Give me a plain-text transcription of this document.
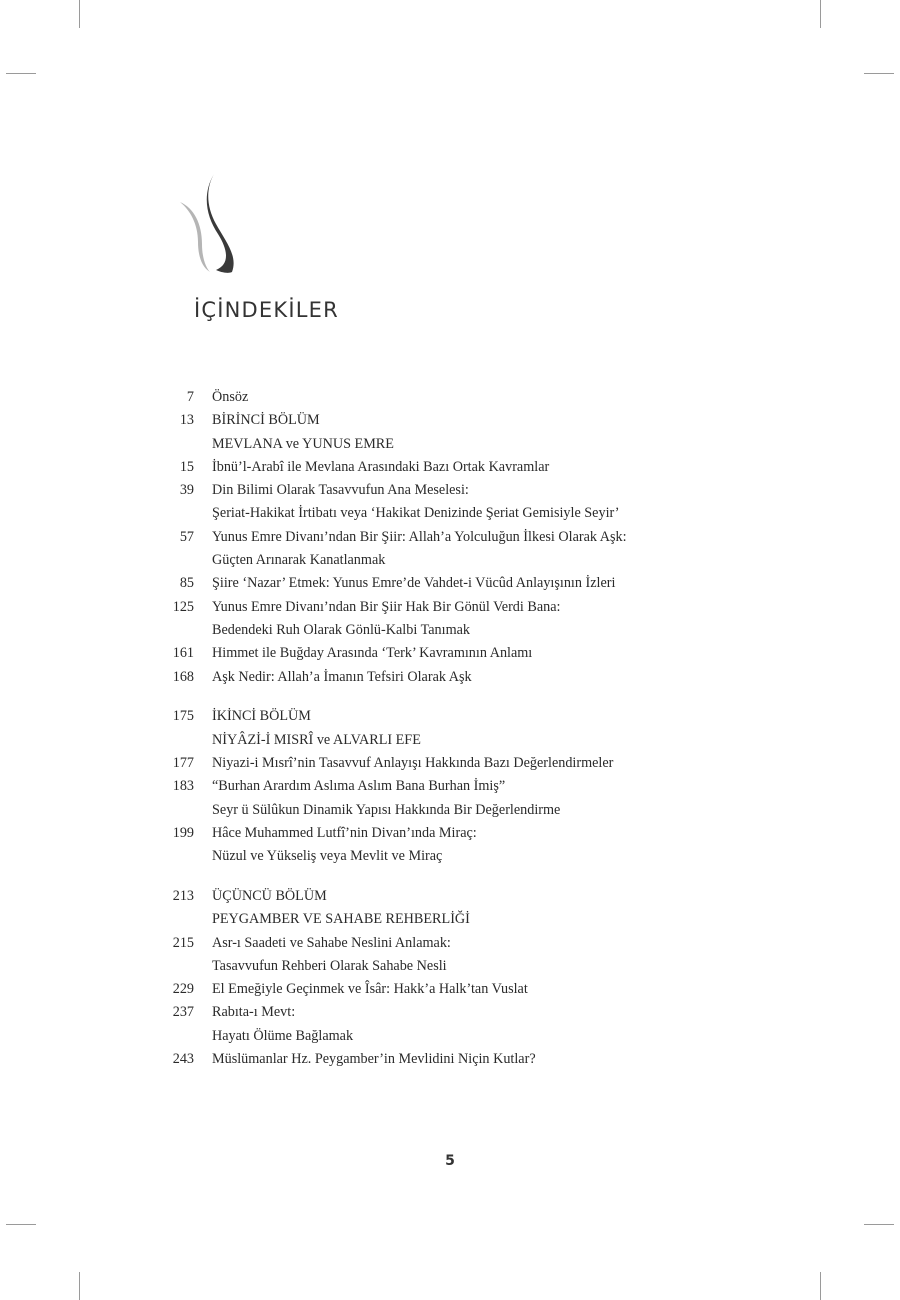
İÇİNDEKİLER
7	Önsöz
13	BİRİNCİ BÖLÜM
MEVLANA ve YUNUS EMRE
15	İbnü’l-Arabî ile Mevlana Arasındaki Bazı Ortak Kavramlar
39	Din Bilimi Olarak Tasavvufun Ana Meselesi:
Şeriat-Hakikat İrtibatı veya ‘Hakikat Denizinde Şeriat Gemisiyle Seyir’
57	Yunus Emre Divanı’ndan Bir Şiir: Allah’a Yolculuğun İlkesi Olarak Aşk:
Güçten Arınarak Kanatlanmak
85	Şiire ‘Nazar’ Etmek: Yunus Emre’de Vahdet-i Vücûd Anlayışının İzleri
125	Yunus Emre Divanı’ndan Bir Şiir Hak Bir Gönül Verdi Bana:
Bedendeki Ruh Olarak Gönlü-Kalbi Tanımak
161	Himmet ile Buğday Arasında ‘Terk’ Kavramının Anlamı
168	Aşk Nedir: Allah’a İmanın Tefsiri Olarak Aşk
175	İKİNCİ BÖLÜM
NİYÂZİ-İ MISRÎ ve ALVARLI EFE
177	Niyazi-i Mısrî’nin Tasavvuf Anlayışı Hakkında Bazı Değerlendirmeler
183	“Burhan Arardım Aslıma Aslım Bana Burhan İmiş”
Seyr ü Sülûkun Dinamik Yapısı Hakkında Bir Değerlendirme
199	Hâce Muhammed Lutfî’nin Divan’ında Miraç:
Nüzul ve Yükseliş veya Mevlit ve Miraç
213	ÜÇÜNCÜ BÖLÜM
PEYGAMBER VE SAHABE REHBERLİĞİ
215	Asr-ı Saadeti ve Sahabe Neslini Anlamak:
Tasavvufun Rehberi Olarak Sahabe Nesli
229	El Emeğiyle Geçinmek ve Îsâr: Hakk’a Halk’tan Vuslat
237	Rabıta-ı Mevt:
Hayatı Ölüme Bağlamak
243	Müslümanlar Hz. Peygamber’in Mevlidini Niçin Kutlar?
5
